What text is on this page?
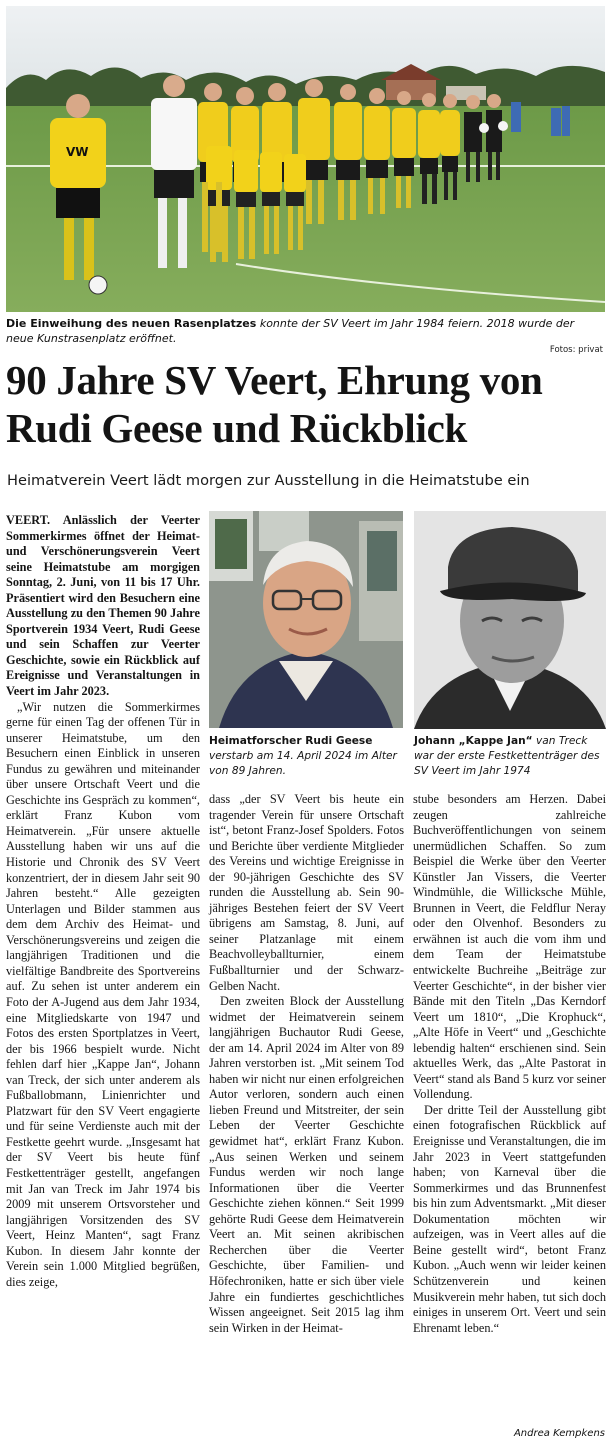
VW
Die Einweihung des neuen Rasenplatzes konnte der SV Veert im Jahr 1984 feiern. 2018 wurde der neue Kunstrasenplatz eröffnet.
Fotos: privat
90 Jahre SV Veert, Ehrung von
Rudi Geese und Rückblick
Heimatverein Veert lädt morgen zur Ausstellung in die Heimatstube ein

VEERT. Anlässlich der Veerter Sommerkirmes öffnet der Heimat- und Verschönerungsverein Veert seine Heimatstube am morgigen Sonntag, 2. Juni, von 11 bis 17 Uhr. Präsentiert wird den Besuchern eine Ausstellung zu den Themen 90 Jahre Sportverein 1934 Veert, Rudi Geese und sein Schaffen zur Veerter Geschichte, sowie ein Rückblick auf Ereignisse und Veranstaltungen in Veert im Jahr 2023.

„Wir nutzen die Sommerkirmes gerne für einen Tag der offenen Tür in unserer Heimatstube, um den Besuchern einen Einblick in unseren Fundus zu gewähren und miteinander über unsere Ortschaft Veert und die Geschichte ins Gespräch zu kommen“, erklärt Franz Kubon vom Heimatverein. „Für unsere aktuelle Ausstellung haben wir uns auf die Historie und Chronik des SV Veert konzentriert, der in diesem Jahr seit 90 Jahren besteht.“ Alle gezeigten Unterlagen und Bilder stammen aus dem dem Archiv des Heimat- und Verschönerungsvereins und zeigen die langjährigen Traditionen und die vielfältige Bandbreite des Sportvereins auf. Zu sehen ist unter anderem ein Foto der A-Jugend aus dem Jahr 1934, eine Mitgliedskarte von 1947 und Fotos des ersten Sportplatzes in Veert, der bis 1966 bespielt wurde. Nicht fehlen darf hier „Kappe Jan“, Johann van Treck, der sich unter anderem als Fußballobmann, Linienrichter und Platzwart für den SV Veert engagierte und für seine Verdienste auch mit der Festkette geehrt wurde. „Insgesamt hat der SV Veert bis heute fünf Festkettenträger gestellt, angefangen mit Jan van Treck im Jahr 1974 bis 2009 mit unserem Ortsvorsteher und langjährigen Vorsitzenden des SV Veert, Heinz Manten“, sagt Franz Kubon. In diesem Jahr konnte der Verein sein 1.000 Mitglied begrüßen, dies zeige,

Heimatforscher Rudi Geese
verstarb am 14. April 2024 im Alter von 89 Jahren.
Johann „Kappe Jan“ van Treck war der erste Festkettenträger des SV Veert im Jahr 1974

dass „der SV Veert bis heute ein tragender Verein für unsere Ortschaft ist“, betont Franz-Josef Spolders. Fotos und Berichte über verdiente Mitglieder des Vereins und wichtige Ereignisse in der 90-jährigen Geschichte des SV runden die Ausstellung ab. Sein 90-jähriges Bestehen feiert der SV Veert übrigens am Samstag, 8. Juni, auf seiner Platzanlage mit einem Beachvolleyballturnier, einem Fußballturnier und der Schwarz-Gelben Nacht.

Den zweiten Block der Ausstellung widmet der Heimatverein seinem langjährigen Buchautor Rudi Geese, der am 14. April 2024 im Alter von 89 Jahren verstorben ist. „Mit seinem Tod haben wir nicht nur einen erfolgreichen Autor verloren, sondern auch einen lieben Freund und Mitstreiter, der sein Leben der Veerter Geschichte gewidmet hat“, erklärt Franz Kubon. „Aus seinen Werken und seinem Fundus werden wir noch lange Informationen über die Veerter Geschichte ziehen können.“ Seit 1999 gehörte Rudi Geese dem Heimatverein Veert an. Mit seinen akribischen Recherchen über die Veerter Geschichte, über Familien- und Höfechroniken, hatte er sich über viele Jahre ein fundiertes geschichtliches Wissen angeeignet. Seit 2015 lag ihm sein Wirken in der Heimat-

stube besonders am Herzen. Dabei zeugen zahlreiche Buchveröffentlichungen von seinem unermüdlichen Schaffen. So zum Beispiel die Werke über den Veerter Künstler Jan Vissers, die Veerter Windmühle, die Willicksche Mühle, Brunnen in Veert, die Feldflur Neray oder den Olvenhof. Besonders zu erwähnen ist auch die vom ihm und dem Team der Heimatstube entwickelte Buchreihe „Beiträge zur Veerter Geschichte“, in der bisher vier Bände mit den Titeln „Das Kerndorf Veert um 1810“, „Die Krophuck“, „Alte Höfe in Veert“ und „Geschichte lebendig halten“ erschienen sind. Sein aktuelles Werk, das „Alte Pastorat in Veert“ stand als Band 5 kurz vor seiner Vollendung.

Der dritte Teil der Ausstellung gibt einen fotografischen Rückblick auf Ereignisse und Veranstaltungen, die im Jahr 2023 in Veert stattgefunden haben; von Karneval über die Sommerkirmes und das Brunnenfest bis hin zum Adventsmarkt. „Mit dieser Dokumentation möchten wir aufzeigen, was in Veert alles auf die Beine gestellt wird“, betont Franz Kubon. „Auch wenn wir leider keinen Schützenverein und keinen Musikverein mehr haben, tut sich doch einiges in unserem Ort. Veert und sein Ehrenamt leben.“

Andrea Kempkens
